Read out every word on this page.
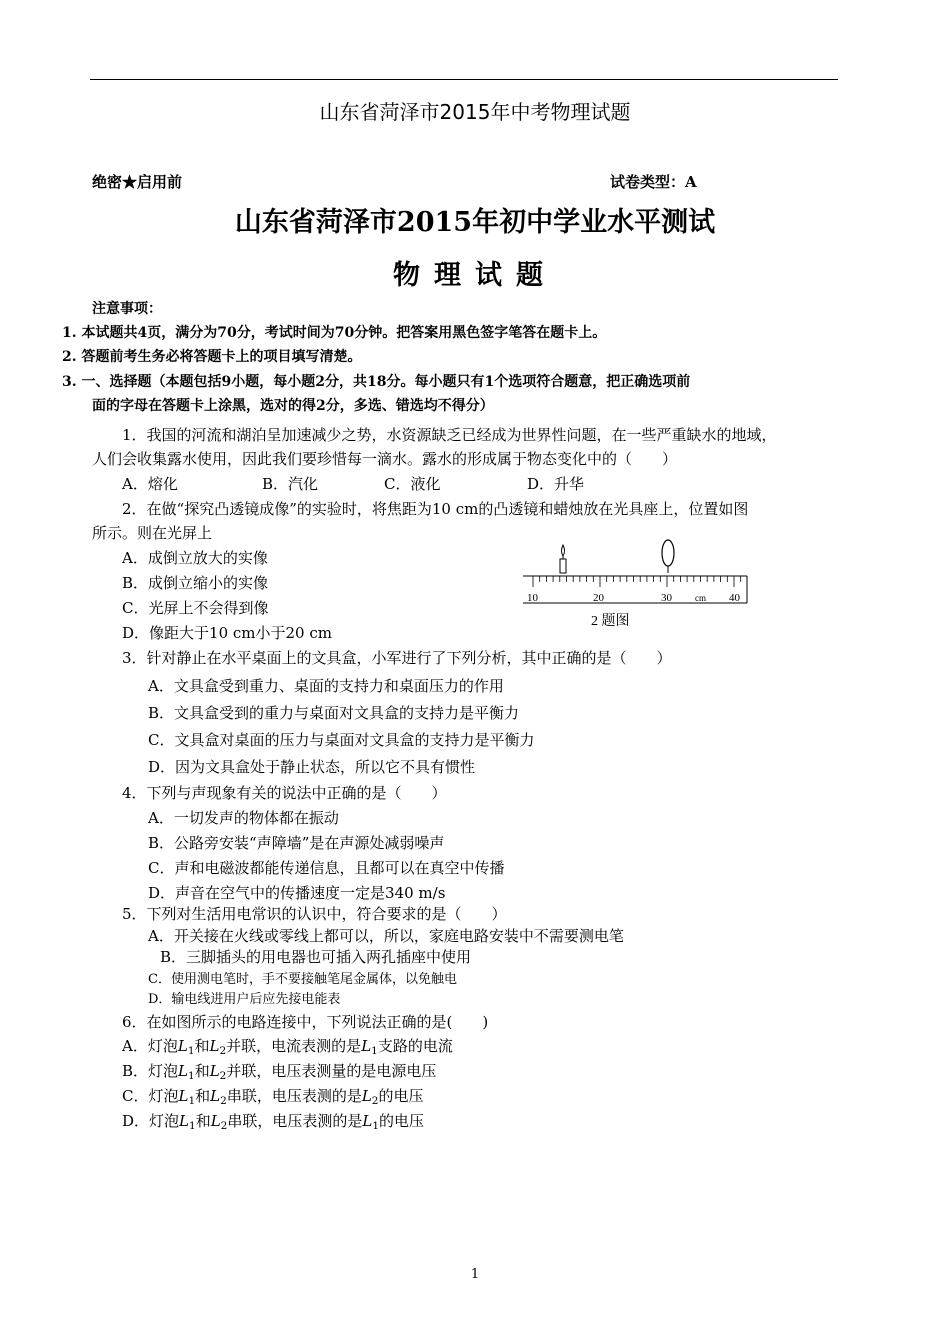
山东省菏泽市2015年中考物理试题
绝密★启用前	试卷类型：A
山东省菏泽市2015年初中学业水平测试
物理试题
注意事项：
1. 本试题共4页，满分为70分，考试时间为70分钟。把答案用黑色签字笔答在题卡上。
2. 答题前考生务必将答题卡上的项目填写清楚。
3. 一、选择题（本题包括9小题，每小题2分，共18分。每小题只有1个选项符合题意，把正确选项前
面的字母在答题卡上涂黑，选对的得2分，多选、错选均不得分）
1．我国的河流和湖泊呈加速减少之势，水资源缺乏已经成为世界性问题，在一些严重缺水的地域，
人们会收集露水使用，因此我们要珍惜每一滴水。露水的形成属于物态变化中的（　　）
A．熔化	B．汽化	C．液化	D．升华
2．在做“探究凸透镜成像”的实验时，将焦距为10 cm的凸透镜和蜡烛放在光具座上，位置如图
所示。则在光屏上
A．成倒立放大的实像
B．成倒立缩小的实像
C．光屏上不会得到像
D．像距大于10 cm小于20 cm
10	20	30	cm 40
2 题图
3．针对静止在水平桌面上的文具盒，小军进行了下列分析，其中正确的是（　　）
A．文具盒受到重力、桌面的支持力和桌面压力的作用
B．文具盒受到的重力与桌面对文具盒的支持力是平衡力
C．文具盒对桌面的压力与桌面对文具盒的支持力是平衡力
D．因为文具盒处于静止状态，所以它不具有惯性
4．下列与声现象有关的说法中正确的是（　　）
A．一切发声的物体都在振动
B．公路旁安装“声障墙”是在声源处减弱噪声
C．声和电磁波都能传递信息，且都可以在真空中传播
D．声音在空气中的传播速度一定是340 m/s
5．下列对生活用电常识的认识中，符合要求的是（　　）
A．开关接在火线或零线上都可以，所以，家庭电路安装中不需要测电笔
B．三脚插头的用电器也可插入两孔插座中使用
C．使用测电笔时，手不要接触笔尾金属体，以免触电
D．输电线进用户后应先接电能表
6．在如图所示的电路连接中，下列说法正确的是(　　)
A．灯泡$L_1$和$L_2$并联，电流表测的是$L_1$支路的电流
B．灯泡$L_1$和$L_2$并联，电压表测量的是电源电压
C．灯泡$L_1$和$L_2$串联，电压表测的是$L_2$的电压
D．灯泡$L_1$和$L_2$串联，电压表测的是$L_1$的电压
1
